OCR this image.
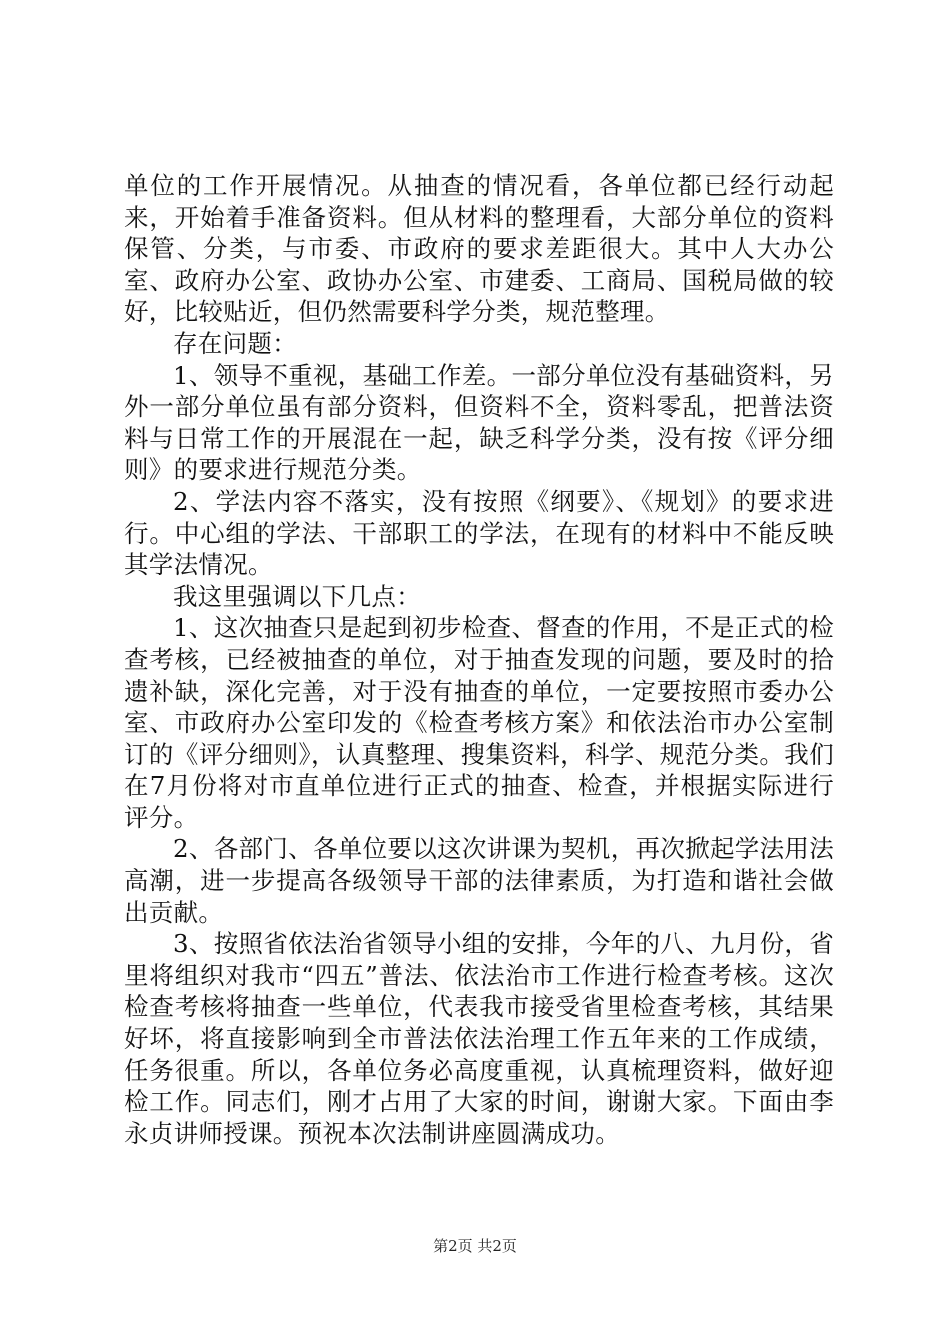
单位的工作开展情况。从抽查的情况看，各单位都已经行动起来，开始着手准备资料。但从材料的整理看，大部分单位的资料保管、分类，与市委、市政府的要求差距很大。其中人大办公室、政府办公室、政协办公室、市建委、工商局、国税局做的较好，比较贴近，但仍然需要科学分类，规范整理。

存在问题：

1、领导不重视，基础工作差。一部分单位没有基础资料，另外一部分单位虽有部分资料，但资料不全，资料零乱，把普法资料与日常工作的开展混在一起，缺乏科学分类，没有按《评分细则》的要求进行规范分类。

2、学法内容不落实，没有按照《纲要》、《规划》的要求进行。中心组的学法、干部职工的学法，在现有的材料中不能反映其学法情况。

我这里强调以下几点：

1、这次抽查只是起到初步检查、督查的作用，不是正式的检查考核，已经被抽查的单位，对于抽查发现的问题，要及时的拾遗补缺，深化完善，对于没有抽查的单位，一定要按照市委办公室、市政府办公室印发的《检查考核方案》和依法治市办公室制订的《评分细则》，认真整理、搜集资料，科学、规范分类。我们在7月份将对市直单位进行正式的抽查、检查，并根据实际进行评分。

2、各部门、各单位要以这次讲课为契机，再次掀起学法用法高潮，进一步提高各级领导干部的法律素质，为打造和谐社会做出贡献。

3、按照省依法治省领导小组的安排，今年的八、九月份，省里将组织对我市“四五”普法、依法治市工作进行检查考核。这次检查考核将抽查一些单位，代表我市接受省里检查考核，其结果好坏，将直接影响到全市普法依法治理工作五年来的工作成绩，任务很重。所以，各单位务必高度重视，认真梳理资料，做好迎检工作。同志们，刚才占用了大家的时间，谢谢大家。下面由李永贞讲师授课。预祝本次法制讲座圆满成功。

第2页 共2页
